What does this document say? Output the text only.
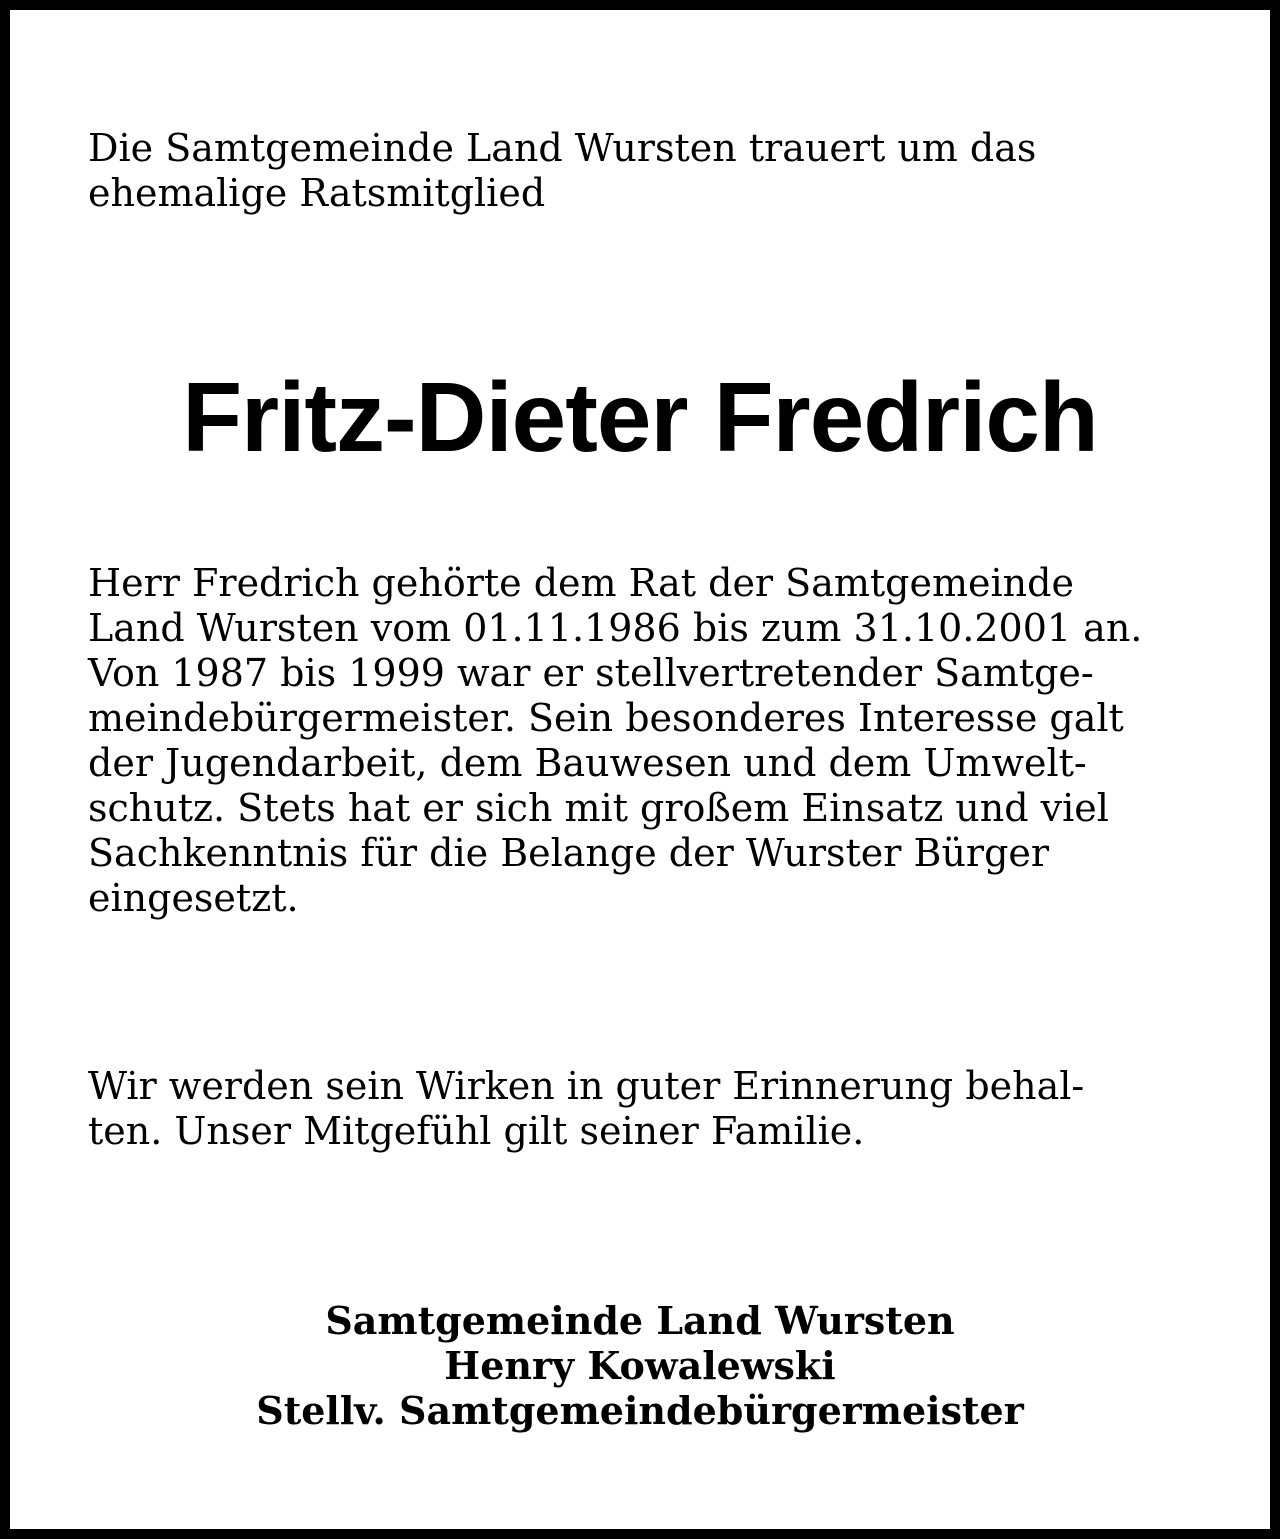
Die Samtgemeinde Land Wursten trauert um das
ehemalige Ratsmitglied

Fritz-Dieter Fredrich

Herr Fredrich gehörte dem Rat der Samtgemeinde
Land Wursten vom 01.11.1986 bis zum 31.10.2001 an.
Von 1987 bis 1999 war er stellvertretender Samtge-
meindebürgermeister. Sein besonderes Interesse galt
der Jugendarbeit, dem Bauwesen und dem Umwelt-
schutz. Stets hat er sich mit großem Einsatz und viel
Sachkenntnis für die Belange der Wurster Bürger
eingesetzt.

Wir werden sein Wirken in guter Erinnerung behal-
ten. Unser Mitgefühl gilt seiner Familie.

Samtgemeinde Land Wursten
Henry Kowalewski
Stellv. Samtgemeindebürgermeister
